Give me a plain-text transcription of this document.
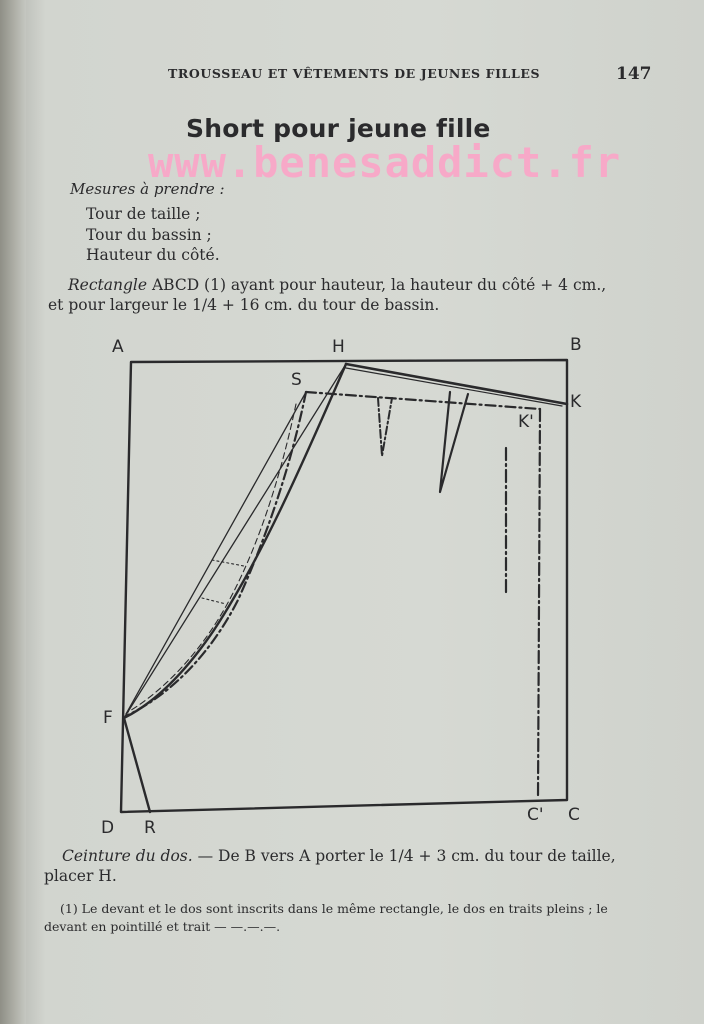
TROUSSEAU ET VÊTEMENTS DE JEUNES FILLES	147
Short pour jeune fille
www.benesaddict.fr
Mesures à prendre :
Tour de taille ;
Tour du bassin ;
Hauteur du côté.
Rectangle ABCD (1) ayant pour hauteur, la hauteur du côté + 4 cm.,
et pour largeur le 1/4 + 16 cm. du tour de bassin.
A	H	B
S
K
K'
F
D R
C' C
Ceinture du dos. — De B vers A porter le 1/4 + 3 cm. du tour de taille,
placer H.
(1) Le devant et le dos sont inscrits dans le même rectangle, le dos en traits pleins ; le
devant en pointillé et trait — —.—.—.
